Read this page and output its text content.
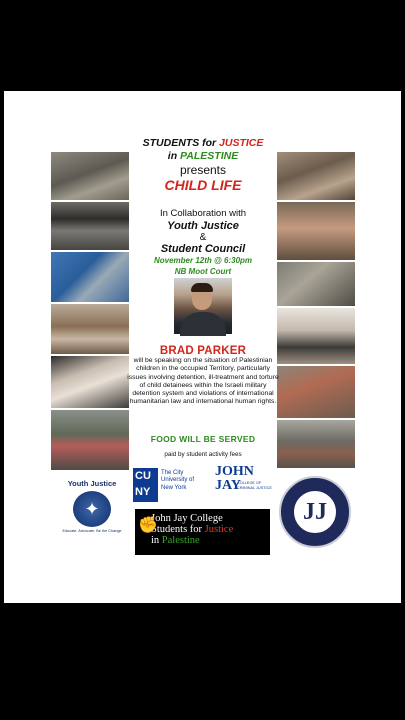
STUDENTS for JUSTICE
in PALESTINE
presents
CHILD LIFE
In Collaboration with
Youth Justice
&
Student Council
November 12th @ 6:30pm
NB Moot Court
BRAD PARKER
will be speaking on the situation of Palestinian children in the occupied Territory, particularly issues involving detention, ill-treatment and torture of child detainees within the Israeli military detention system and violations of international humanitarian law and international human rights.
FOOD WILL BE SERVED
paid by student activity fees
Youth Justice
✦
Educate. Advocate. Be the Change
CU NY
The City University of New York
JOHN JAY
COLLEGE OF CRIMINAL JUSTICE
JJ
✊
John Jay College
Students for Justice
in Palestine
